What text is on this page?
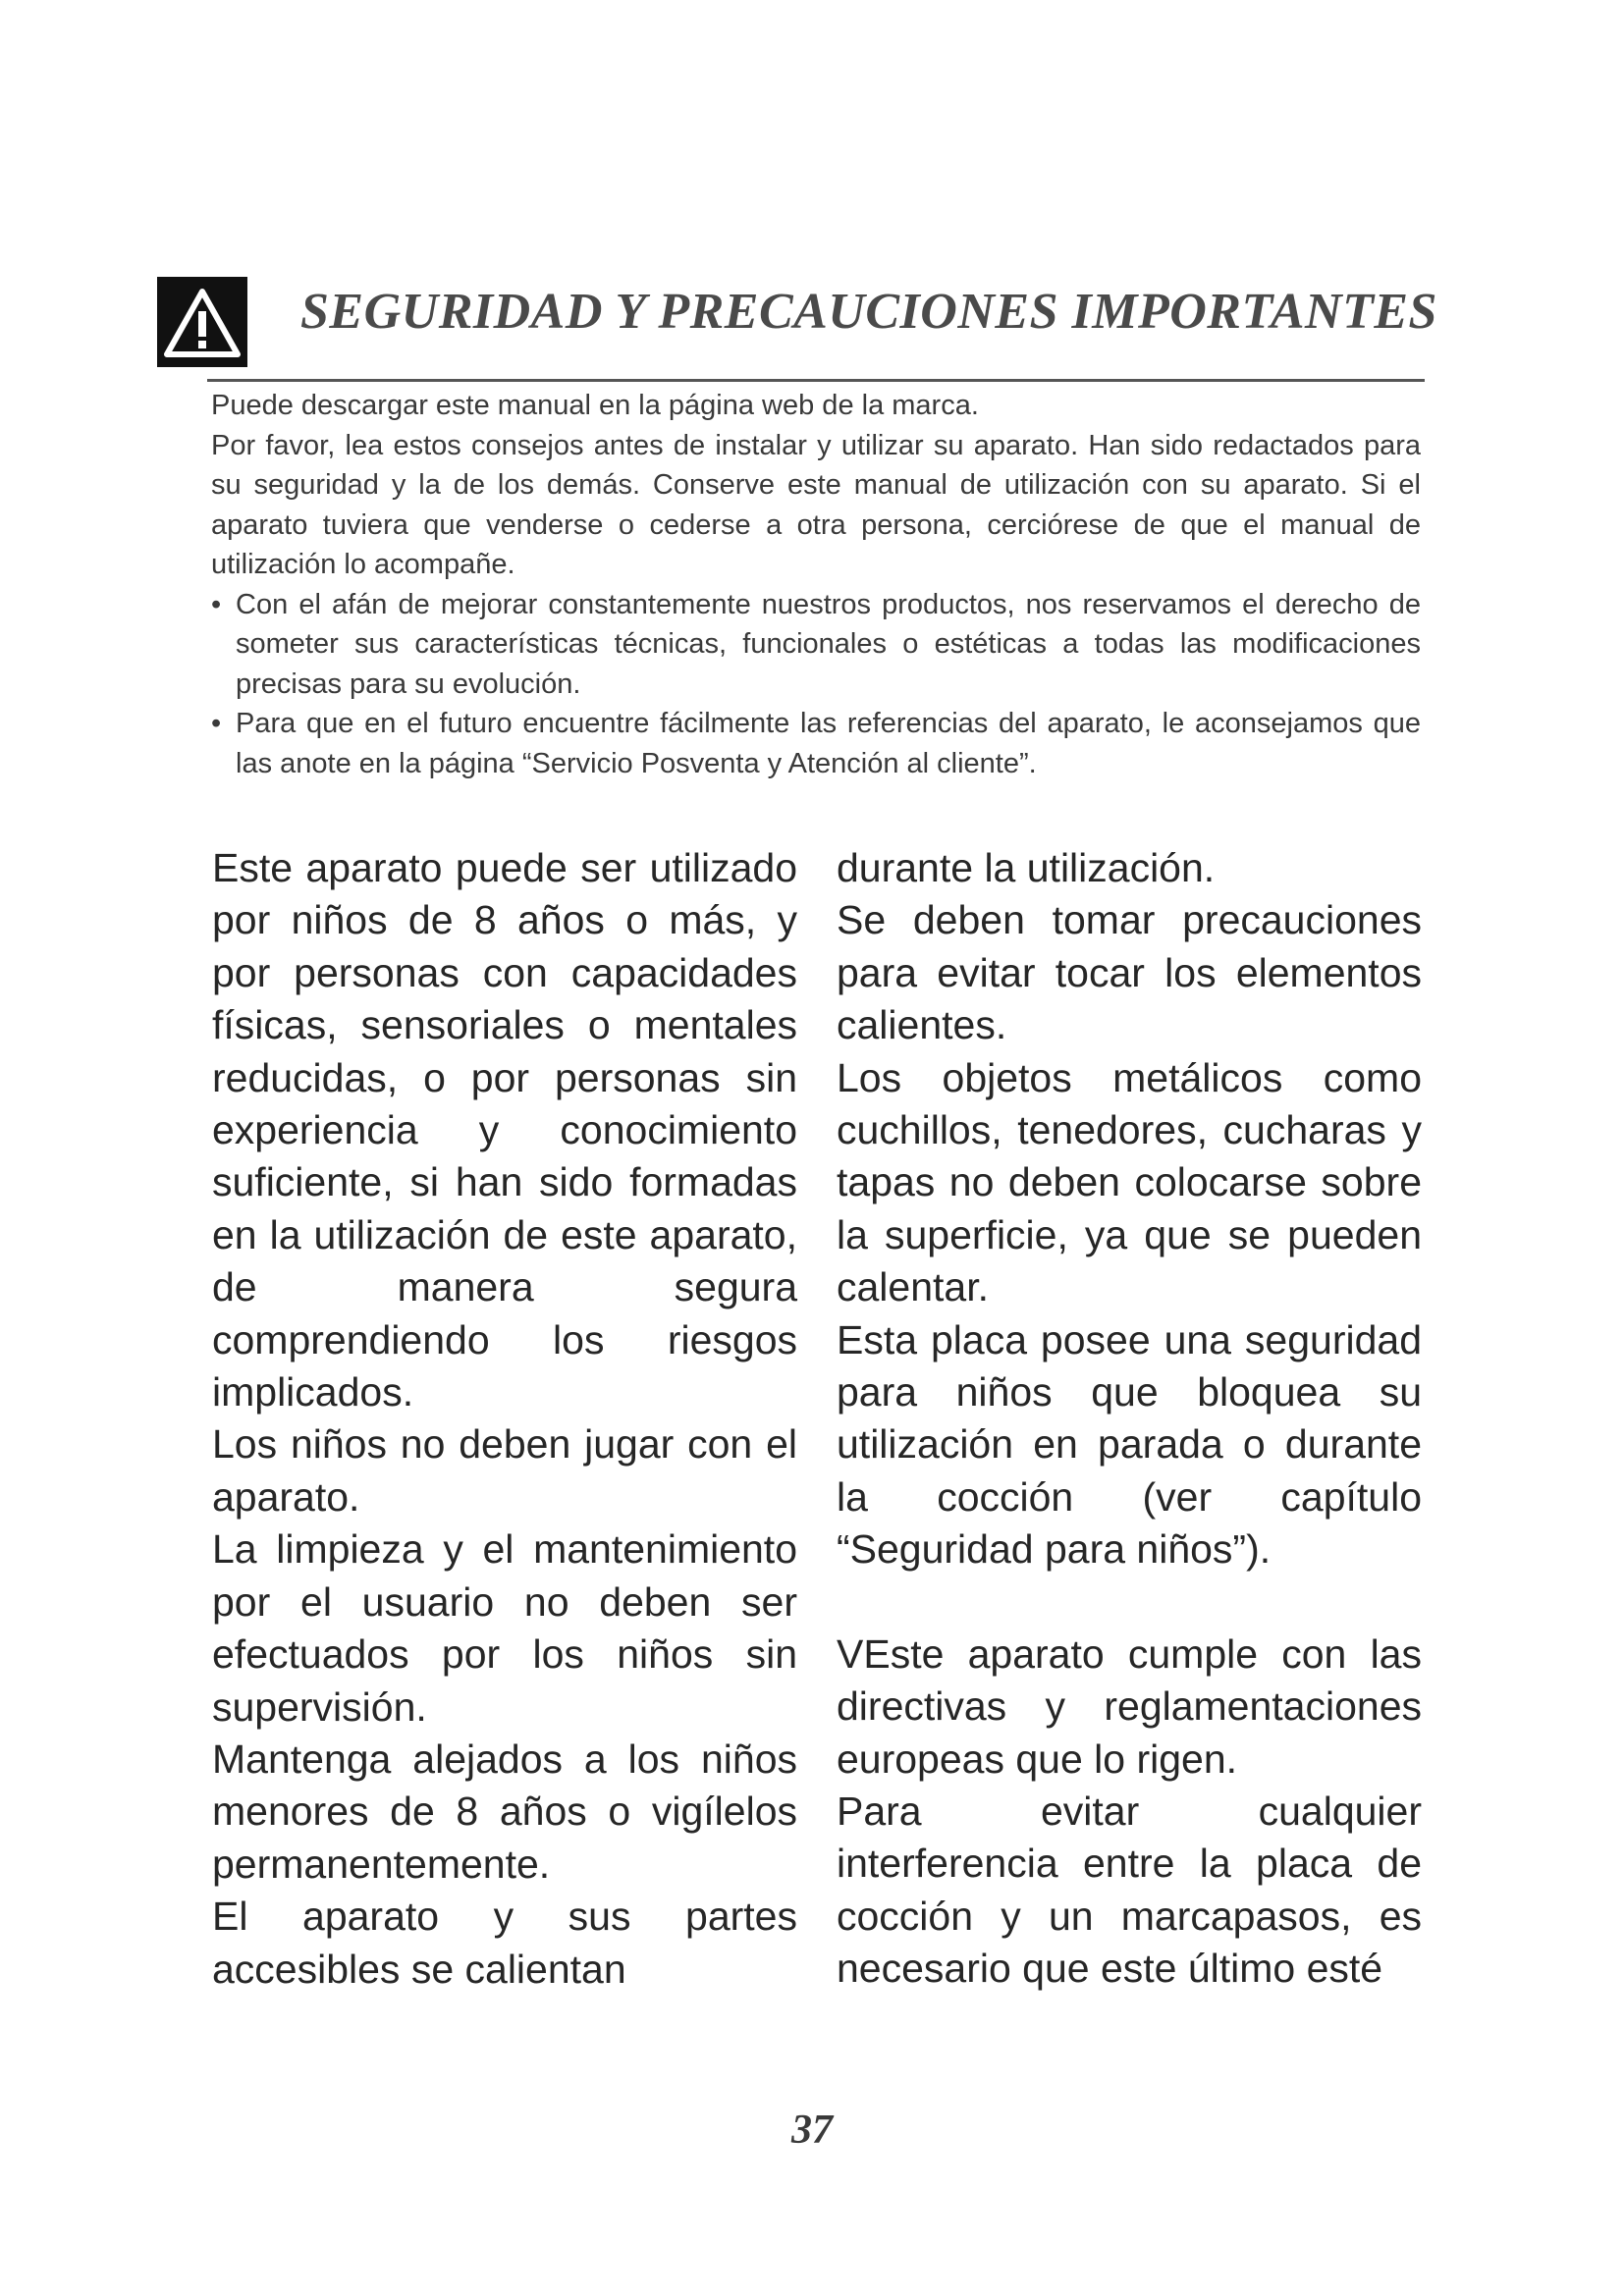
SEGURIDAD Y PRECAUCIONES IMPORTANTES

Puede descargar este manual en la página web de la marca.

Por favor, lea estos consejos antes de instalar y utilizar su aparato. Han sido redactados para su seguridad y la de los demás. Conserve este manual de utilización con su aparato. Si el aparato tuviera que venderse o cederse a otra persona, cerciórese de que el manual de utilización lo acompañe.

• Con el afán de mejorar constantemente nuestros productos, nos reservamos el derecho de someter sus características técnicas, funcionales o estéticas a todas las modificaciones precisas para su evolución.
• Para que en el futuro encuentre fácilmente las referencias del aparato, le aconsejamos que las anote en la página “Servicio Posventa y Atención al cliente”.

Este aparato puede ser utilizado por niños de 8 años o más, y por personas con capacidades físicas, sensoriales o mentales reducidas, o por personas sin experiencia y conocimiento suficiente, si han sido formadas en la utilización de este aparato, de manera segura comprendiendo los riesgos implicados.

Los niños no deben jugar con el aparato.

La limpieza y el mantenimiento por el usuario no deben ser efectuados por los niños sin supervisión.

Mantenga alejados a los niños menores de 8 años o vigílelos permanentemente.

El aparato y sus partes accesibles se calientan

durante la utilización.

Se deben tomar precauciones para evitar tocar los elementos calientes.

Los objetos metálicos como cuchillos, tenedores, cucharas y tapas no deben colocarse sobre la superficie, ya que se pueden calentar.

Esta placa posee una seguridad para niños que bloquea su utilización en parada o durante la cocción (ver capítulo “Seguridad para niños”).

VEste aparato cumple con las directivas y reglamentaciones europeas que lo rigen.

Para evitar cualquier interferencia entre la placa de cocción y un marcapasos, es necesario que este último esté

37
